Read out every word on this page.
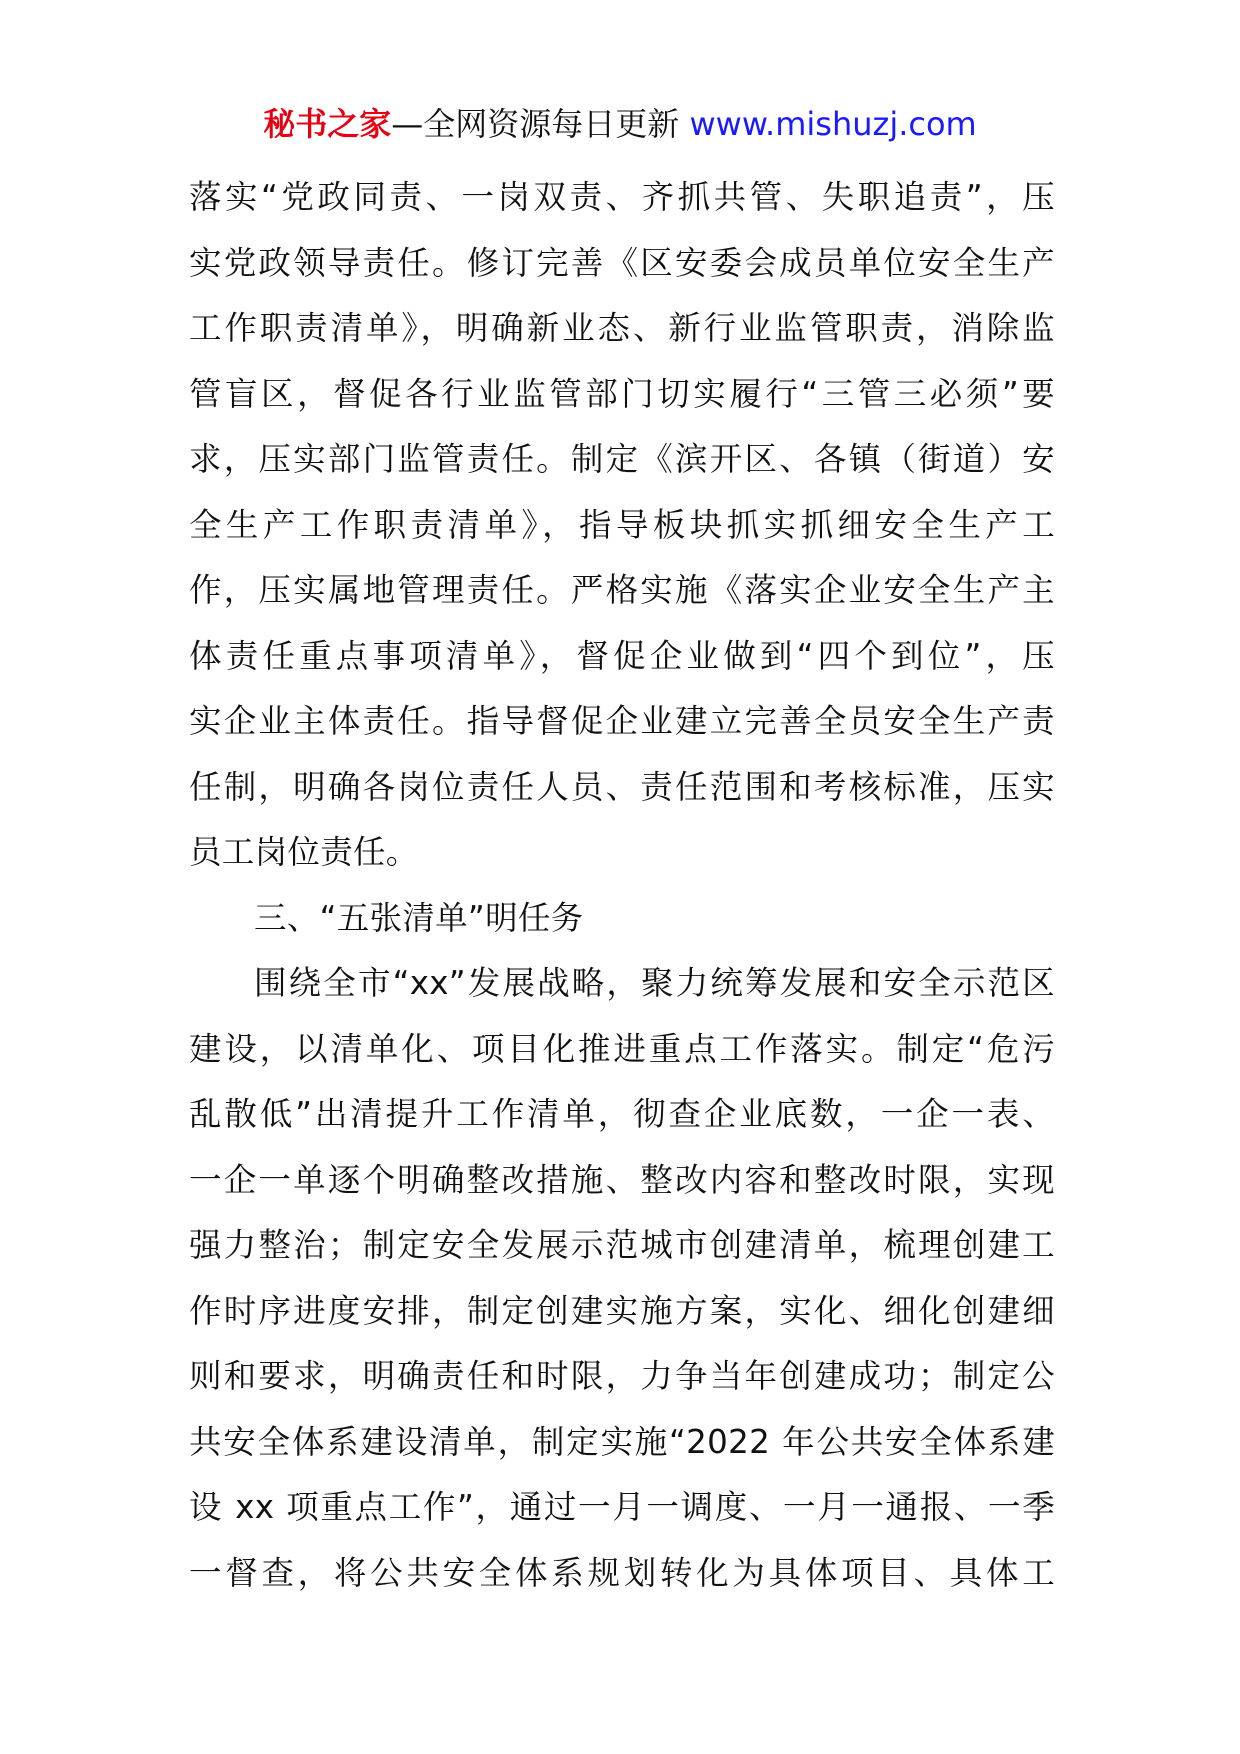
秘书之家—全网资源每日更新 www.mishuzj.com

落实“党政同责、一岗双责、齐抓共管、失职追责”，压
实党政领导责任。修订完善《区安委会成员单位安全生产
工作职责清单》，明确新业态、新行业监管职责，消除监
管盲区，督促各行业监管部门切实履行“三管三必须”要
求，压实部门监管责任。制定《滨开区、各镇（街道）安
全生产工作职责清单》，指导板块抓实抓细安全生产工
作，压实属地管理责任。严格实施《落实企业安全生产主
体责任重点事项清单》，督促企业做到“四个到位”，压
实企业主体责任。指导督促企业建立完善全员安全生产责
任制，明确各岗位责任人员、责任范围和考核标准，压实
员工岗位责任。

三、“五张清单”明任务

围绕全市“xx”发展战略，聚力统筹发展和安全示范区
建设，以清单化、项目化推进重点工作落实。制定“危污
乱散低”出清提升工作清单，彻查企业底数，一企一表、
一企一单逐个明确整改措施、整改内容和整改时限，实现
强力整治；制定安全发展示范城市创建清单，梳理创建工
作时序进度安排，制定创建实施方案，实化、细化创建细
则和要求，明确责任和时限，力争当年创建成功；制定公
共安全体系建设清单，制定实施“2022 年公共安全体系建
设 xx 项重点工作”，通过一月一调度、一月一通报、一季
一督查，将公共安全体系规划转化为具体项目、具体工
